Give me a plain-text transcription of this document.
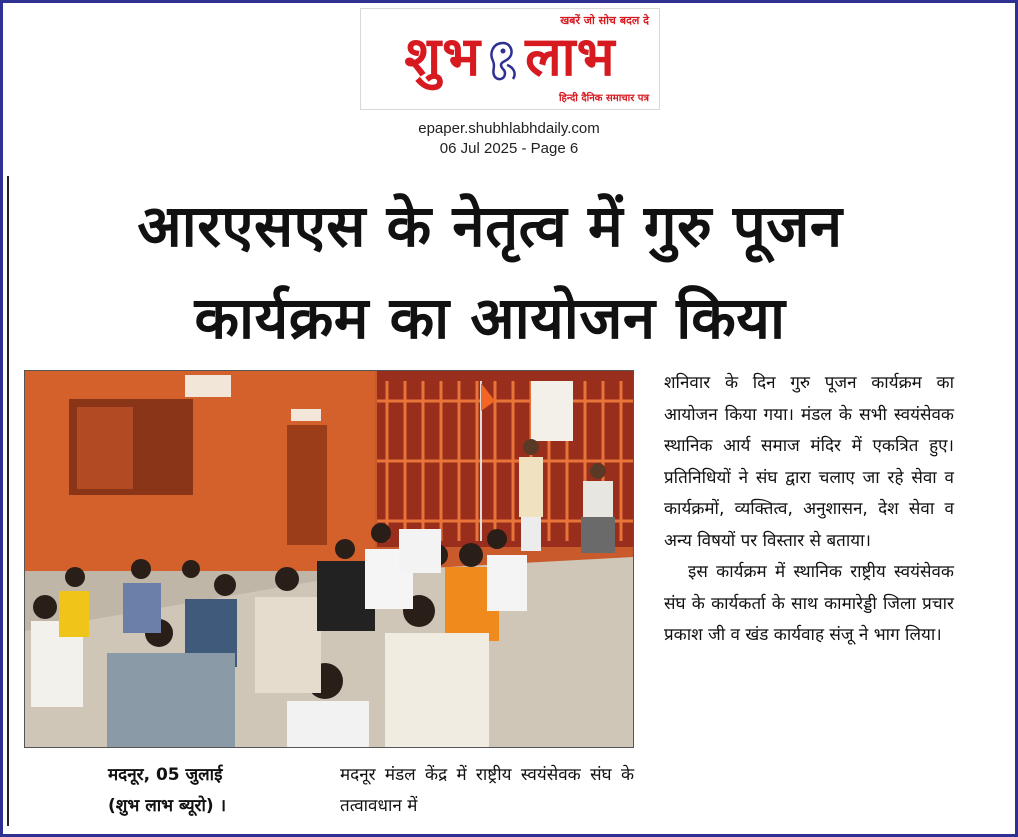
खबरें जो सोच बदल दे
शुभ लाभ
हिन्दी दैनिक समाचार पत्र
epaper.shubhlabhdaily.com
06 Jul 2025 - Page 6
आरएसएस के नेतृत्व में गुरु पूजन
कार्यक्रम का आयोजन किया

शनिवार के दिन गुरु पूजन कार्यक्रम का आयोजन किया गया। मंडल के सभी स्वयंसेवक स्थानिक आर्य समाज मंदिर में एकत्रित हुए। प्रतिनिधियों ने संघ द्वारा चलाए जा रहे सेवा व कार्यक्रमों, व्यक्तित्व, अनुशासन, देश सेवा व अन्य विषयों पर विस्तार से बताया।

इस कार्यक्रम में स्थानिक राष्ट्रीय स्वयंसेवक संघ के कार्यकर्ता के साथ कामारेड्डी जिला प्रचार प्रकाश जी व खंड कार्यवाह संजू ने भाग लिया।

मदनूर, 05 जुलाई
(शुभ लाभ ब्यूरो) ।
मदनूर मंडल केंद्र में राष्ट्रीय स्वयंसेवक संघ के तत्वावधान में
